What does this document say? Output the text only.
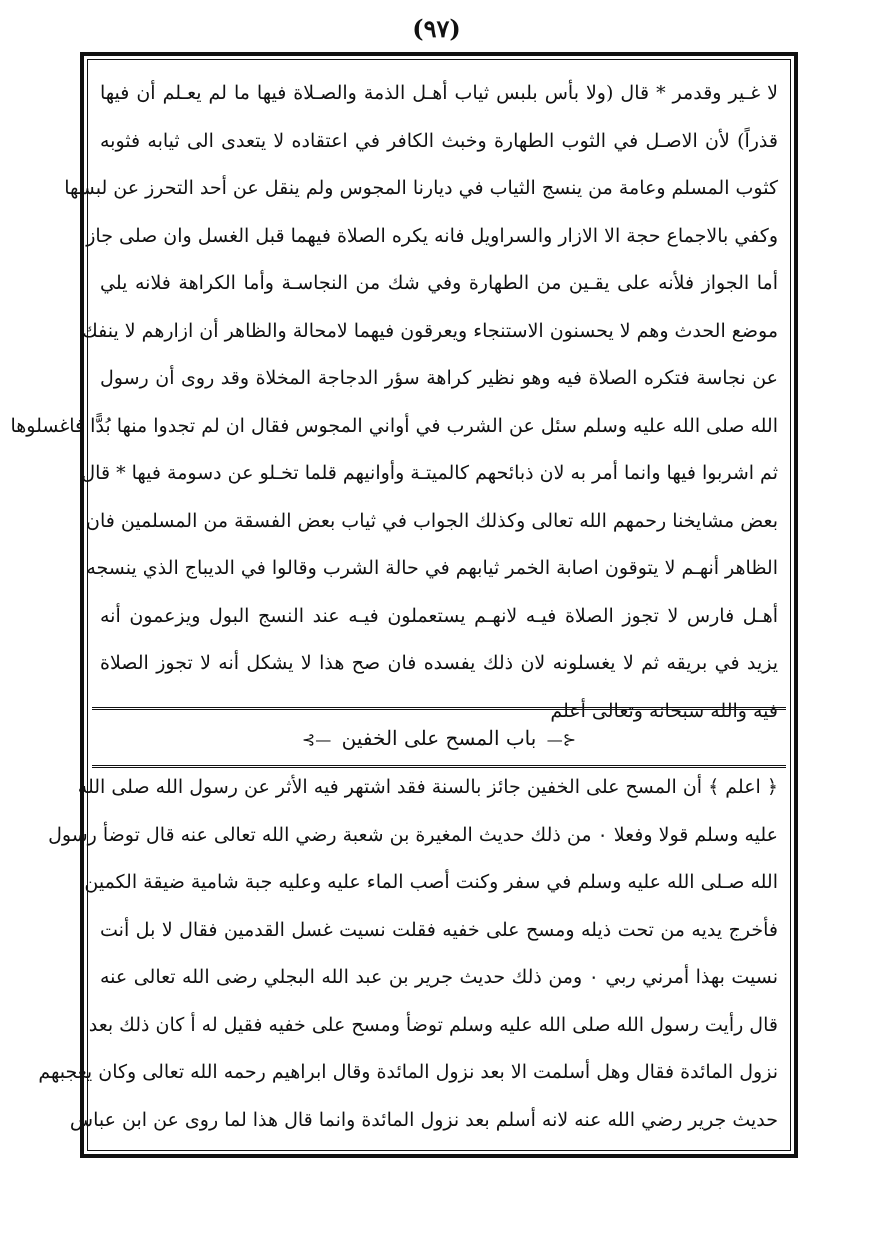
(٩٧)
لا غـير وقدمر * قال (ولا بأس بلبس ثياب أهـل الذمة والصـلاة فيها ما لم يعـلم أن فيها
قذراً) لأن الاصـل في الثوب الطهارة وخبث الكافر في اعتقاده لا يتعدى الى ثيابه فثوبه
كثوب المسلم وعامة من ينسج الثياب في ديارنا المجوس ولم ينقل عن أحد التحرز عن لبسها
وكفي بالاجماع حجة الا الازار والسراويل فانه يكره الصلاة فيهما قبل الغسل وان صلى جاز
أما الجواز فلأنه على يقـين من الطهارة وفي شك من النجاسـة وأما الكراهة فلانه يلي
موضع الحدث وهم لا يحسنون الاستنجاء ويعرقون فيهما لامحالة والظاهر أن ازارهم لا ينفك
عن نجاسة فتكره الصلاة فيه وهو نظير كراهة سؤر الدجاجة المخلاة وقد روى أن رسول
الله صلى الله عليه وسلم سئل عن الشرب في أواني المجوس فقال ان لم تجدوا منها بُدًّا فاغسلوها
ثم اشربوا فيها وانما أمر به لان ذبائحهم كالميتـة وأوانيهم قلما تخـلو عن دسومة فيها * قال
بعض مشايخنا رحمهم الله تعالى وكذلك الجواب في ثياب بعض الفسقة من المسلمين فان
الظاهر أنهـم لا يتوقون اصابة الخمر ثيابهم في حالة الشرب وقالوا في الديباج الذي ينسجه
أهـل فارس لا تجوز الصلاة فيـه لانهـم يستعملون فيـه عند النسج البول ويزعمون أنه
يزيد في بريقه ثم لا يغسلونه لان ذلك يفسده فان صح هذا لا يشكل أنه لا تجوز الصلاة
فيه والله سبحانه وتعالى أعلم
⊰— باب المسح على الخفين —⊱
﴿ اعلم ﴾ أن المسح على الخفين جائز بالسنة فقد اشتهر فيه الأثر عن رسول الله صلى الله
عليه وسلم قولا وفعلا ٠ من ذلك حديث المغيرة بن شعبة رضي الله تعالى عنه قال توضأ رسول
الله صـلى الله عليه وسلم في سفر وكنت أصب الماء عليه وعليه جبة شامية ضيقة الكمين
فأخرج يديه من تحت ذيله ومسح على خفيه فقلت نسيت غسل القدمين فقال لا بل أنت
نسيت بهذا أمرني ربي ٠ ومن ذلك حديث جرير بن عبد الله البجلي رضى الله تعالى عنه
قال رأيت رسول الله صلى الله عليه وسلم توضأ ومسح على خفيه فقيل له أ كان ذلك بعد
نزول المائدة فقال وهل أسلمت الا بعد نزول المائدة وقال ابراهيم رحمه الله تعالى وكان يعجبهم
حديث جرير رضي الله عنه لانه أسلم بعد نزول المائدة وانما قال هذا لما روى عن ابن عباس
